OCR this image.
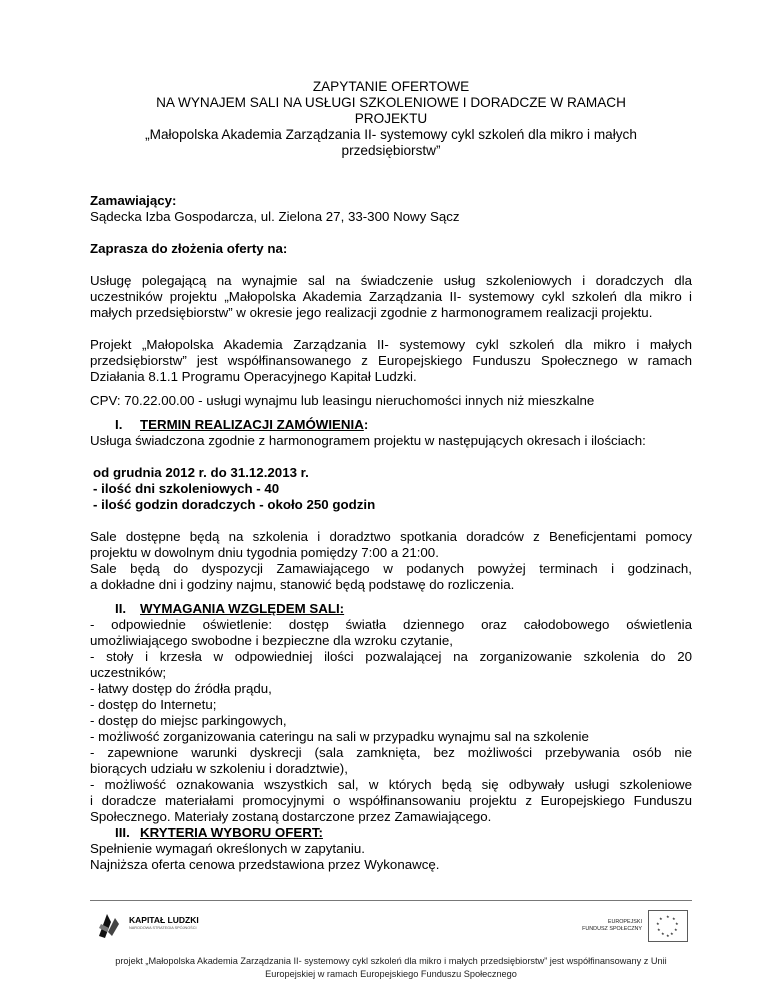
ZAPYTANIE OFERTOWE
NA WYNAJEM SALI NA USŁUGI SZKOLENIOWE I DORADCZE W RAMACH
PROJEKTU
„Małopolska Akademia Zarządzania II- systemowy cykl szkoleń dla mikro i małych
przedsiębiorstw”
Zamawiający:
Sądecka Izba Gospodarcza, ul. Zielona 27, 33-300 Nowy Sącz
Zaprasza do złożenia oferty na:
Usługę polegającą na wynajmie sal na świadczenie usług szkoleniowych i doradczych dla
uczestników projektu „Małopolska Akademia Zarządzania II- systemowy cykl szkoleń dla mikro i
małych przedsiębiorstw” w okresie jego realizacji zgodnie z harmonogramem realizacji projektu.
Projekt „Małopolska Akademia Zarządzania II- systemowy cykl szkoleń dla mikro i małych
przedsiębiorstw” jest współfinansowanego z Europejskiego Funduszu Społecznego w ramach
Działania 8.1.1 Programu Operacyjnego Kapitał Ludzki.
CPV: 70.22.00.00 - usługi wynajmu lub leasingu nieruchomości innych niż mieszkalne
I. TERMIN REALIZACJI ZAMÓWIENIA:
Usługa świadczona zgodnie z harmonogramem projektu w następujących okresach i ilościach:
od grudnia 2012 r. do 31.12.2013 r.
- ilość dni szkoleniowych - 40
- ilość godzin doradczych - około 250 godzin
Sale dostępne będą na szkolenia i doradztwo spotkania doradców z Beneficjentami pomocy
projektu w dowolnym dniu tygodnia pomiędzy 7:00 a 21:00.
Sale będą do dyspozycji Zamawiającego w podanych powyżej terminach i godzinach,
a dokładne dni i godziny najmu, stanowić będą podstawę do rozliczenia.
II. WYMAGANIA WZGLĘDEM SALI:
- odpowiednie oświetlenie: dostęp światła dziennego oraz całodobowego oświetlenia
umożliwiającego swobodne i bezpieczne dla wzroku czytanie,
- stoły i krzesła w odpowiedniej ilości pozwalającej na zorganizowanie szkolenia do 20
uczestników;
- łatwy dostęp do źródła prądu,
- dostęp do Internetu;
- dostęp do miejsc parkingowych,
- możliwość zorganizowania cateringu na sali w przypadku wynajmu sal na szkolenie
- zapewnione warunki dyskrecji (sala zamknięta, bez możliwości przebywania osób nie
biorących udziału w szkoleniu i doradztwie),
- możliwość oznakowania wszystkich sal, w których będą się odbywały usługi szkoleniowe
i doradcze materiałami promocyjnymi o współfinansowaniu projektu z Europejskiego Funduszu
Społecznego. Materiały zostaną dostarczone przez Zamawiającego.
III. KRYTERIA WYBORU OFERT:
Spełnienie wymagań określonych w zapytaniu.
Najniższa oferta cenowa przedstawiona przez Wykonawcę.
KAPITAŁ LUDZKI
NARODOWA STRATEGIA SPÓJNOŚCI
EUROPEJSKI
FUNDUSZ SPOŁECZNY
★ ★
★
★
★
★
★
★
★
★
projekt „Małopolska Akademia Zarządzania II- systemowy cykl szkoleń dla mikro i małych przedsiębiorstw” jest współfinansowany z Unii
Europejskiej w ramach Europejskiego Funduszu Społecznego
